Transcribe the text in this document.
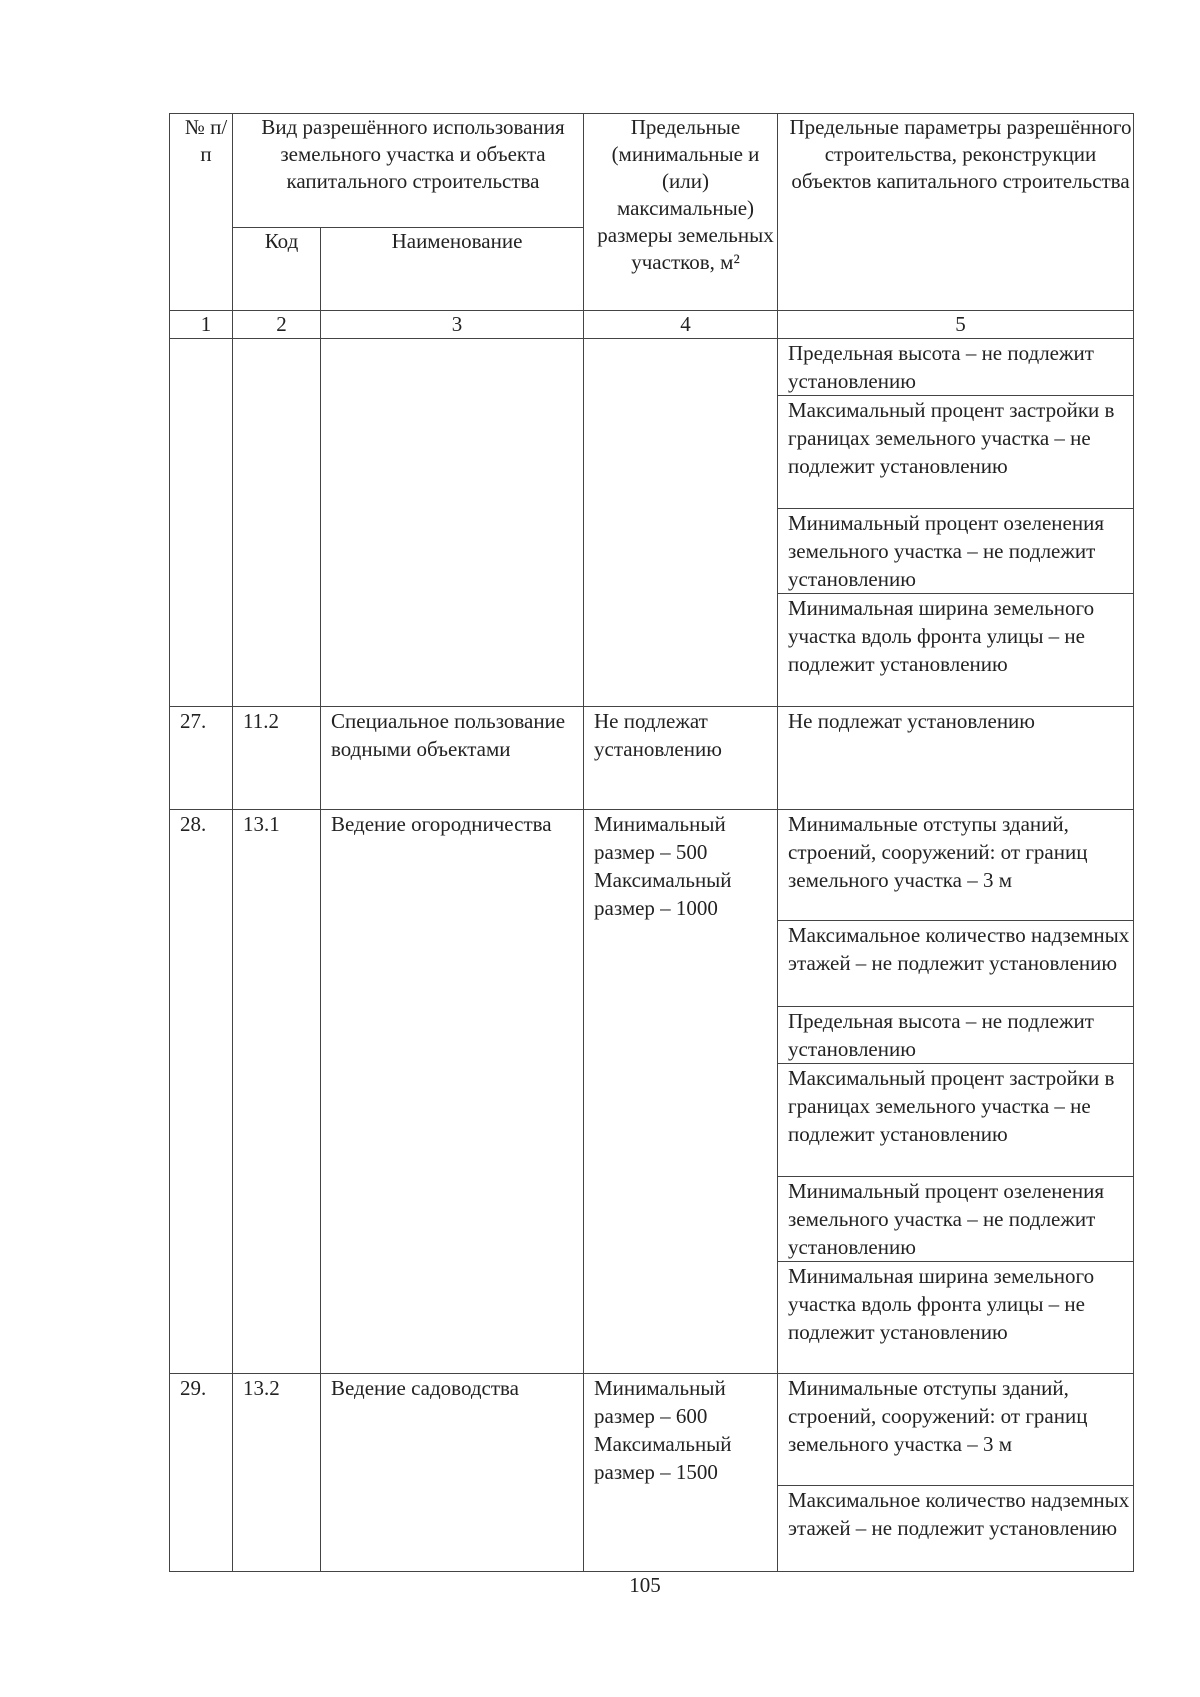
№ п/п	Вид разрешённого использования земельного участка и объекта капитального строительства		Предельные (минимальные и (или) максимальные) размеры земельных участков, м²	Предельные параметры разрешённого строительства, реконструкции объектов капитального строительства
	Код	Наименование		
1	2	3	4	5
				Предельная высота – не подлежит установлению
				Максимальный процент застройки в границах земельного участка – не подлежит установлению
				Минимальный процент озеленения земельного участка – не подлежит установлению
				Минимальная ширина земельного участка вдоль фронта улицы – не подлежит установлению
27.	11.2	Специальное пользование водными объектами	Не подлежат установлению	Не подлежат установлению
28.	13.1	Ведение огородничества	Минимальный размер – 500 Максимальный размер – 1000	Минимальные отступы зданий, строений, сооружений: от границ земельного участка – 3 м
				Максимальное количество надземных этажей – не подлежит установлению
				Предельная высота – не подлежит установлению
				Максимальный процент застройки в границах земельного участка – не подлежит установлению
				Минимальный процент озеленения земельного участка – не подлежит установлению
				Минимальная ширина земельного участка вдоль фронта улицы – не подлежит установлению
29.	13.2	Ведение садоводства	Минимальный размер – 600 Максимальный размер – 1500	Минимальные отступы зданий, строений, сооружений: от границ земельного участка – 3 м
				Максимальное количество надземных этажей – не подлежит установлению
105
